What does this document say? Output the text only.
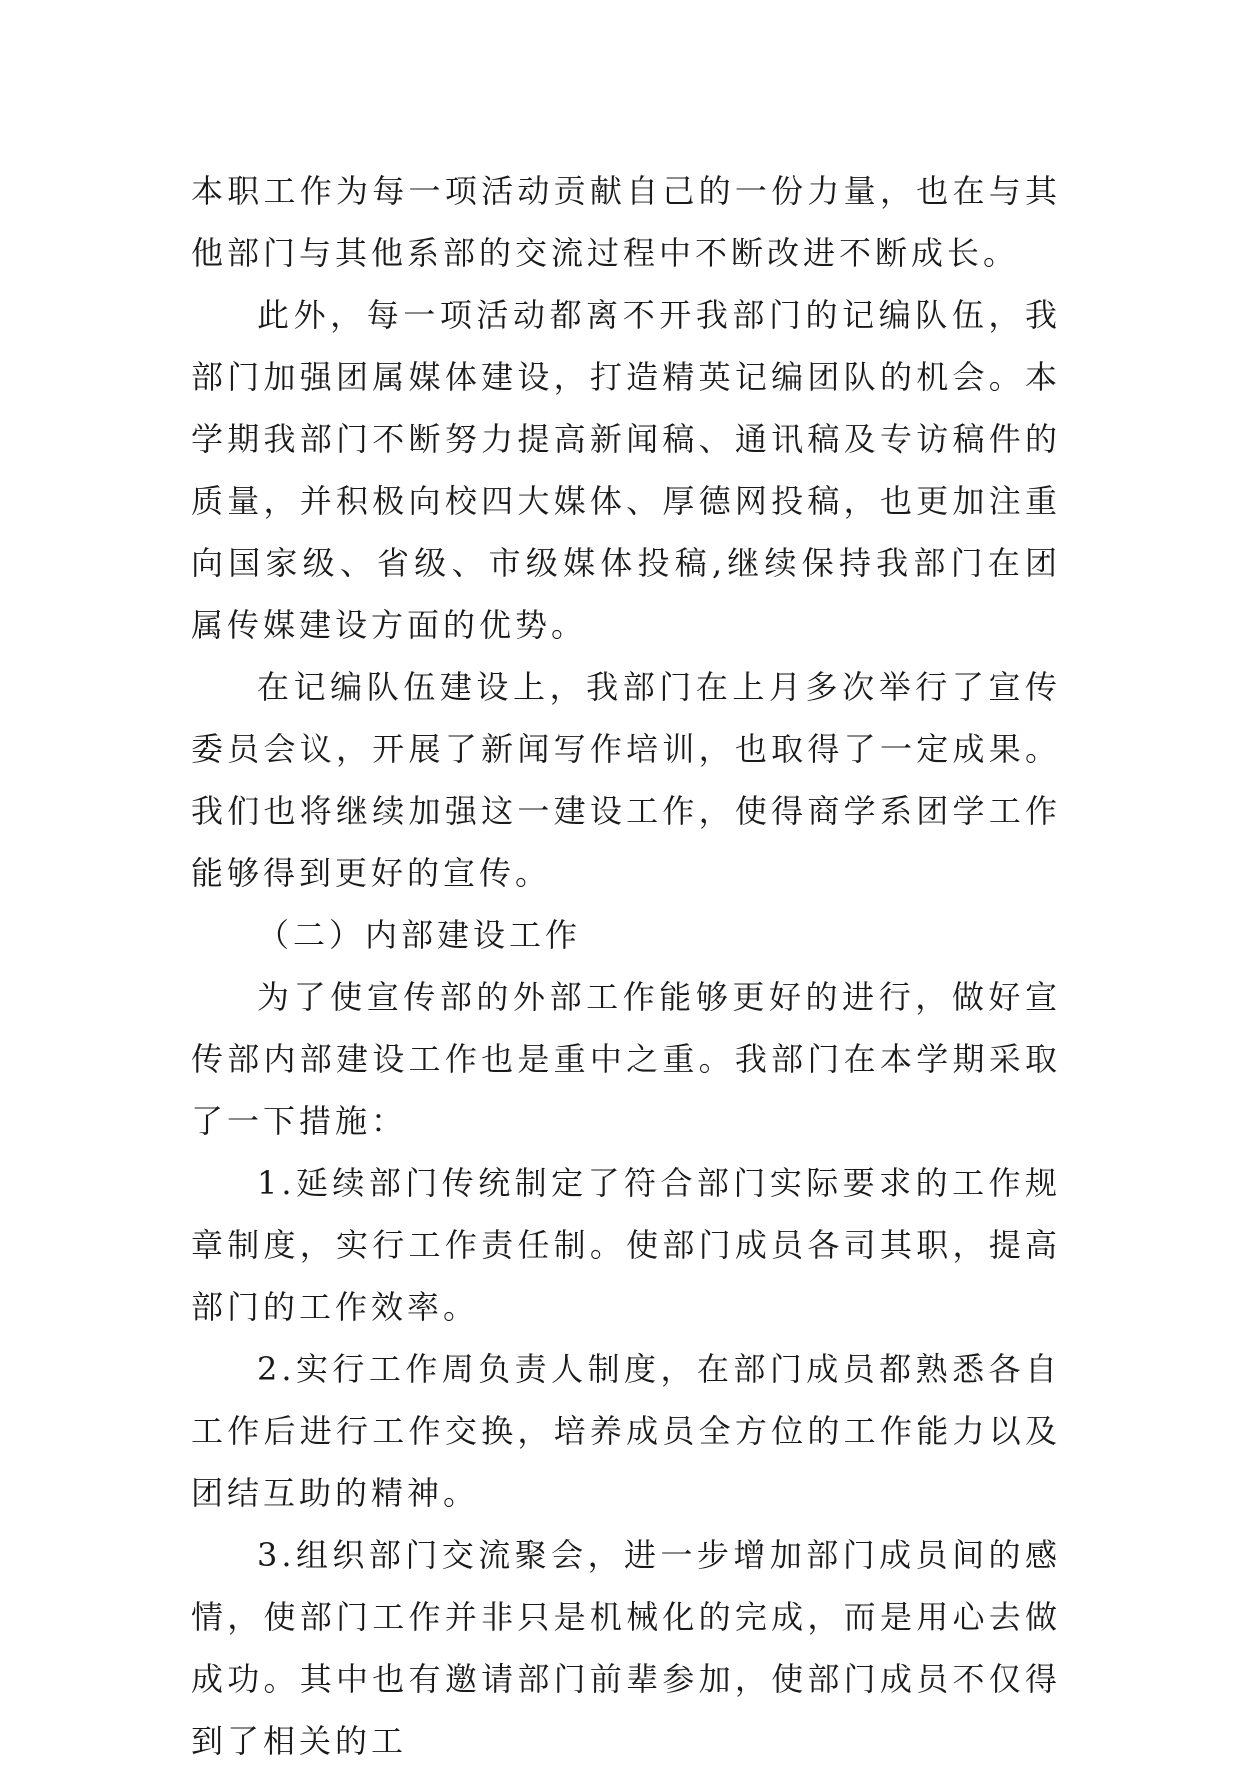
本职工作为每一项活动贡献自己的一份力量，也在与其他部门与其他系部的交流过程中不断改进不断成长。

此外，每一项活动都离不开我部门的记编队伍，我部门加强团属媒体建设，打造精英记编团队的机会。本学期我部门不断努力提高新闻稿、通讯稿及专访稿件的质量，并积极向校四大媒体、厚德网投稿，也更加注重向国家级、省级、市级媒体投稿,继续保持我部门在团属传媒建设方面的优势。

在记编队伍建设上，我部门在上月多次举行了宣传委员会议，开展了新闻写作培训，也取得了一定成果。我们也将继续加强这一建设工作，使得商学系团学工作能够得到更好的宣传。

（二）内部建设工作

为了使宣传部的外部工作能够更好的进行，做好宣传部内部建设工作也是重中之重。我部门在本学期采取了一下措施：

1.延续部门传统制定了符合部门实际要求的工作规章制度，实行工作责任制。使部门成员各司其职，提高部门的工作效率。

2.实行工作周负责人制度，在部门成员都熟悉各自工作后进行工作交换，培养成员全方位的工作能力以及团结互助的精神。

3.组织部门交流聚会，进一步增加部门成员间的感情，使部门工作并非只是机械化的完成，而是用心去做成功。其中也有邀请部门前辈参加，使部门成员不仅得到了相关的工
